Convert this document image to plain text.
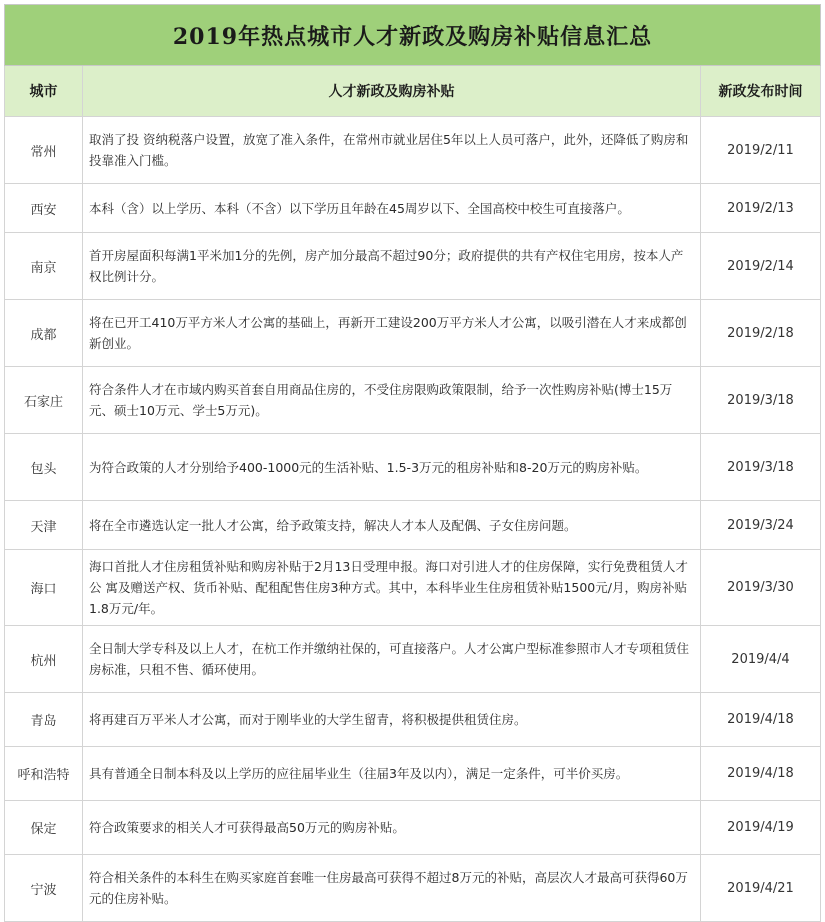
2019年热点城市人才新政及购房补贴信息汇总		
城市	人才新政及购房补贴	新政发布时间
常州	取消了投 资纳税落户设置，放宽了准入条件，在常州市就业居住5年以上人员可落户，此外，还降低了购房和投靠准入门槛。	2019/2/11
西安	本科（含）以上学历、本科（不含）以下学历且年龄在45周岁以下、全国高校中校生可直接落户。	2019/2/13
南京	首开房屋面积每满1平米加1分的先例，房产加分最高不超过90分；政府提供的共有产权住宅用房，按本人产权比例计分。	2019/2/14
成都	将在已开工410万平方米人才公寓的基础上，再新开工建设200万平方米人才公寓，以吸引潜在人才来成都创新创业。	2019/2/18
石家庄	符合条件人才在市域内购买首套自用商品住房的，不受住房限购政策限制，给予一次性购房补贴(博士15万元、硕士10万元、学士5万元)。	2019/3/18
包头	为符合政策的人才分别给予400-1000元的生活补贴、1.5-3万元的租房补贴和8-20万元的购房补贴。	2019/3/18
天津	将在全市遴选认定一批人才公寓，给予政策支持，解决人才本人及配偶、子女住房问题。	2019/3/24
海口	海口首批人才住房租赁补贴和购房补贴于2月13日受理申报。海口对引进人才的住房保障，实行免费租赁人才公 寓及赠送产权、货币补贴、配租配售住房3种方式。其中，本科毕业生住房租赁补贴1500元/月，购房补贴1.8万元/年。	2019/3/30
杭州	全日制大学专科及以上人才，在杭工作并缴纳社保的，可直接落户。人才公寓户型标准参照市人才专项租赁住房标准，只租不售、循环使用。	2019/4/4
青岛	将再建百万平米人才公寓，而对于刚毕业的大学生留青，将积极提供租赁住房。	2019/4/18
呼和浩特	具有普通全日制本科及以上学历的应往届毕业生（往届3年及以内），满足一定条件，可半价买房。	2019/4/18
保定	符合政策要求的相关人才可获得最高50万元的购房补贴。	2019/4/19
宁波	符合相关条件的本科生在购买家庭首套唯一住房最高可获得不超过8万元的补贴，高层次人才最高可获得60万元的住房补贴。	2019/4/21
